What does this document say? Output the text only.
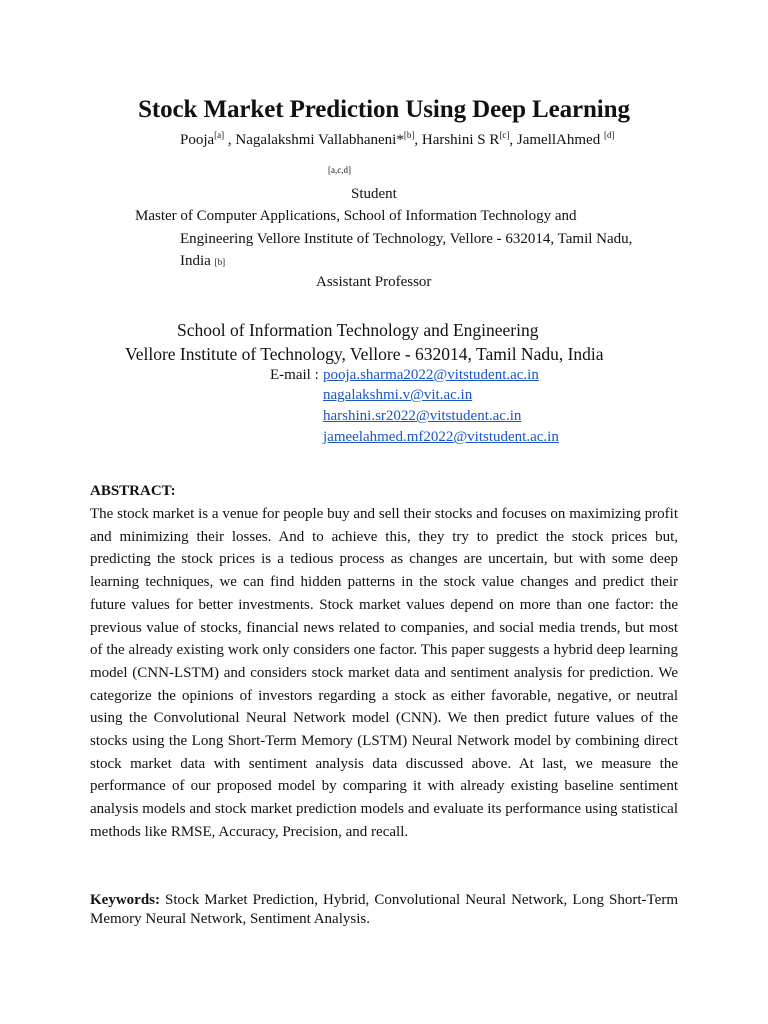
Stock Market Prediction Using Deep Learning
Pooja[a] , Nagalakshmi Vallabhaneni*[b], Harshini S R[c], JamellAhmed [d]
[a,c,d]
Student
Master of Computer Applications, School of Information Technology and
Engineering Vellore Institute of Technology, Vellore - 632014, Tamil Nadu,
India [b]
Assistant Professor
School of Information Technology and Engineering
Vellore Institute of Technology, Vellore - 632014, Tamil Nadu, India
E-mail : pooja.sharma2022@vitstudent.ac.in
nagalakshmi.v@vit.ac.in
harshini.sr2022@vitstudent.ac.in
jameelahmed.mf2022@vitstudent.ac.in
ABSTRACT:
The stock market is a venue for people buy and sell their stocks and focuses on maximizing profit and minimizing their losses. And to achieve this, they try to predict the stock prices but, predicting the stock prices is a tedious process as changes are uncertain, but with some deep learning techniques, we can find hidden patterns in the stock value changes and predict their future values for better investments. Stock market values depend on more than one factor: the previous value of stocks, financial news related to companies, and social media trends, but most of the already existing work only considers one factor. This paper suggests a hybrid deep learning model (CNN-LSTM) and considers stock market data and sentiment analysis for prediction. We categorize the opinions of investors regarding a stock as either favorable, negative, or neutral using the Convolutional Neural Network model (CNN). We then predict future values of the stocks using the Long Short-Term Memory (LSTM) Neural Network model by combining direct stock market data with sentiment analysis data discussed above. At last, we measure the performance of our proposed model by comparing it with already existing baseline sentiment analysis models and stock market prediction models and evaluate its performance using statistical methods like RMSE, Accuracy, Precision, and recall.
Keywords: Stock Market Prediction, Hybrid, Convolutional Neural Network, Long Short-Term Memory Neural Network, Sentiment Analysis.
